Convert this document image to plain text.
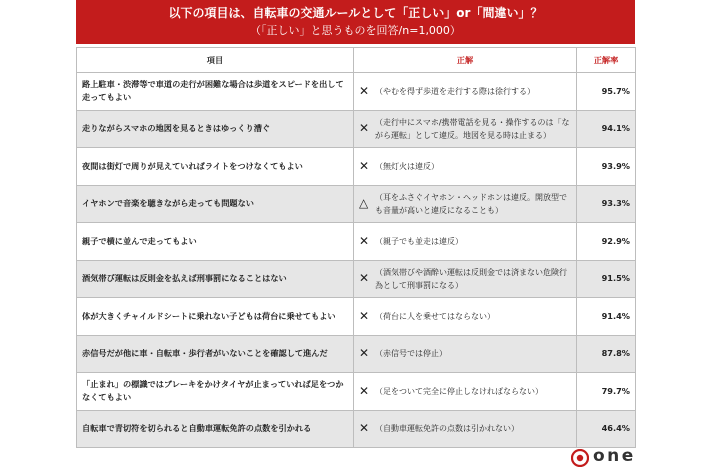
以下の項目は、自転車の交通ルールとして「正しい」or「間違い」？
（「正しい」と思うものを回答/n=1,000）
項目	正解	正解率
路上駐車・渋滞等で車道の走行が困難な場合は歩道をスピードを出して走ってもよい	✕ （やむを得ず歩道を走行する際は徐行する）	95.7%
走りながらスマホの地図を見るときはゆっくり漕ぐ	✕ （走行中にスマホ/携帯電話を見る・操作するのは「ながら運転」として違反。地図を見る時は止まる）	94.1%
夜間は街灯で周りが見えていればライトをつけなくてもよい	✕ （無灯火は違反）	93.9%
イヤホンで音楽を聴きながら走っても問題ない	△ （耳をふさぐイヤホン・ヘッドホンは違反。開放型でも音量が高いと違反になることも）	93.3%
親子で横に並んで走ってもよい	✕ （親子でも並走は違反）	92.9%
酒気帯び運転は反則金を払えば刑事罰になることはない	✕ （酒気帯びや酒酔い運転は反則金では済まない危険行為として刑事罰になる）	91.5%
体が大きくチャイルドシートに乗れない子どもは荷台に乗せてもよい	✕ （荷台に人を乗せてはならない）	91.4%
赤信号だが他に車・自転車・歩行者がいないことを確認して進んだ	✕ （赤信号では停止）	87.8%
「止まれ」の標識ではブレーキをかけタイヤが止まっていれば足をつかなくてもよい	✕ （足をついて完全に停止しなければならない）	79.7%
自転車で青切符を切られると自動車運転免許の点数を引かれる	✕ （自動車運転免許の点数は引かれない）	46.4%
one
